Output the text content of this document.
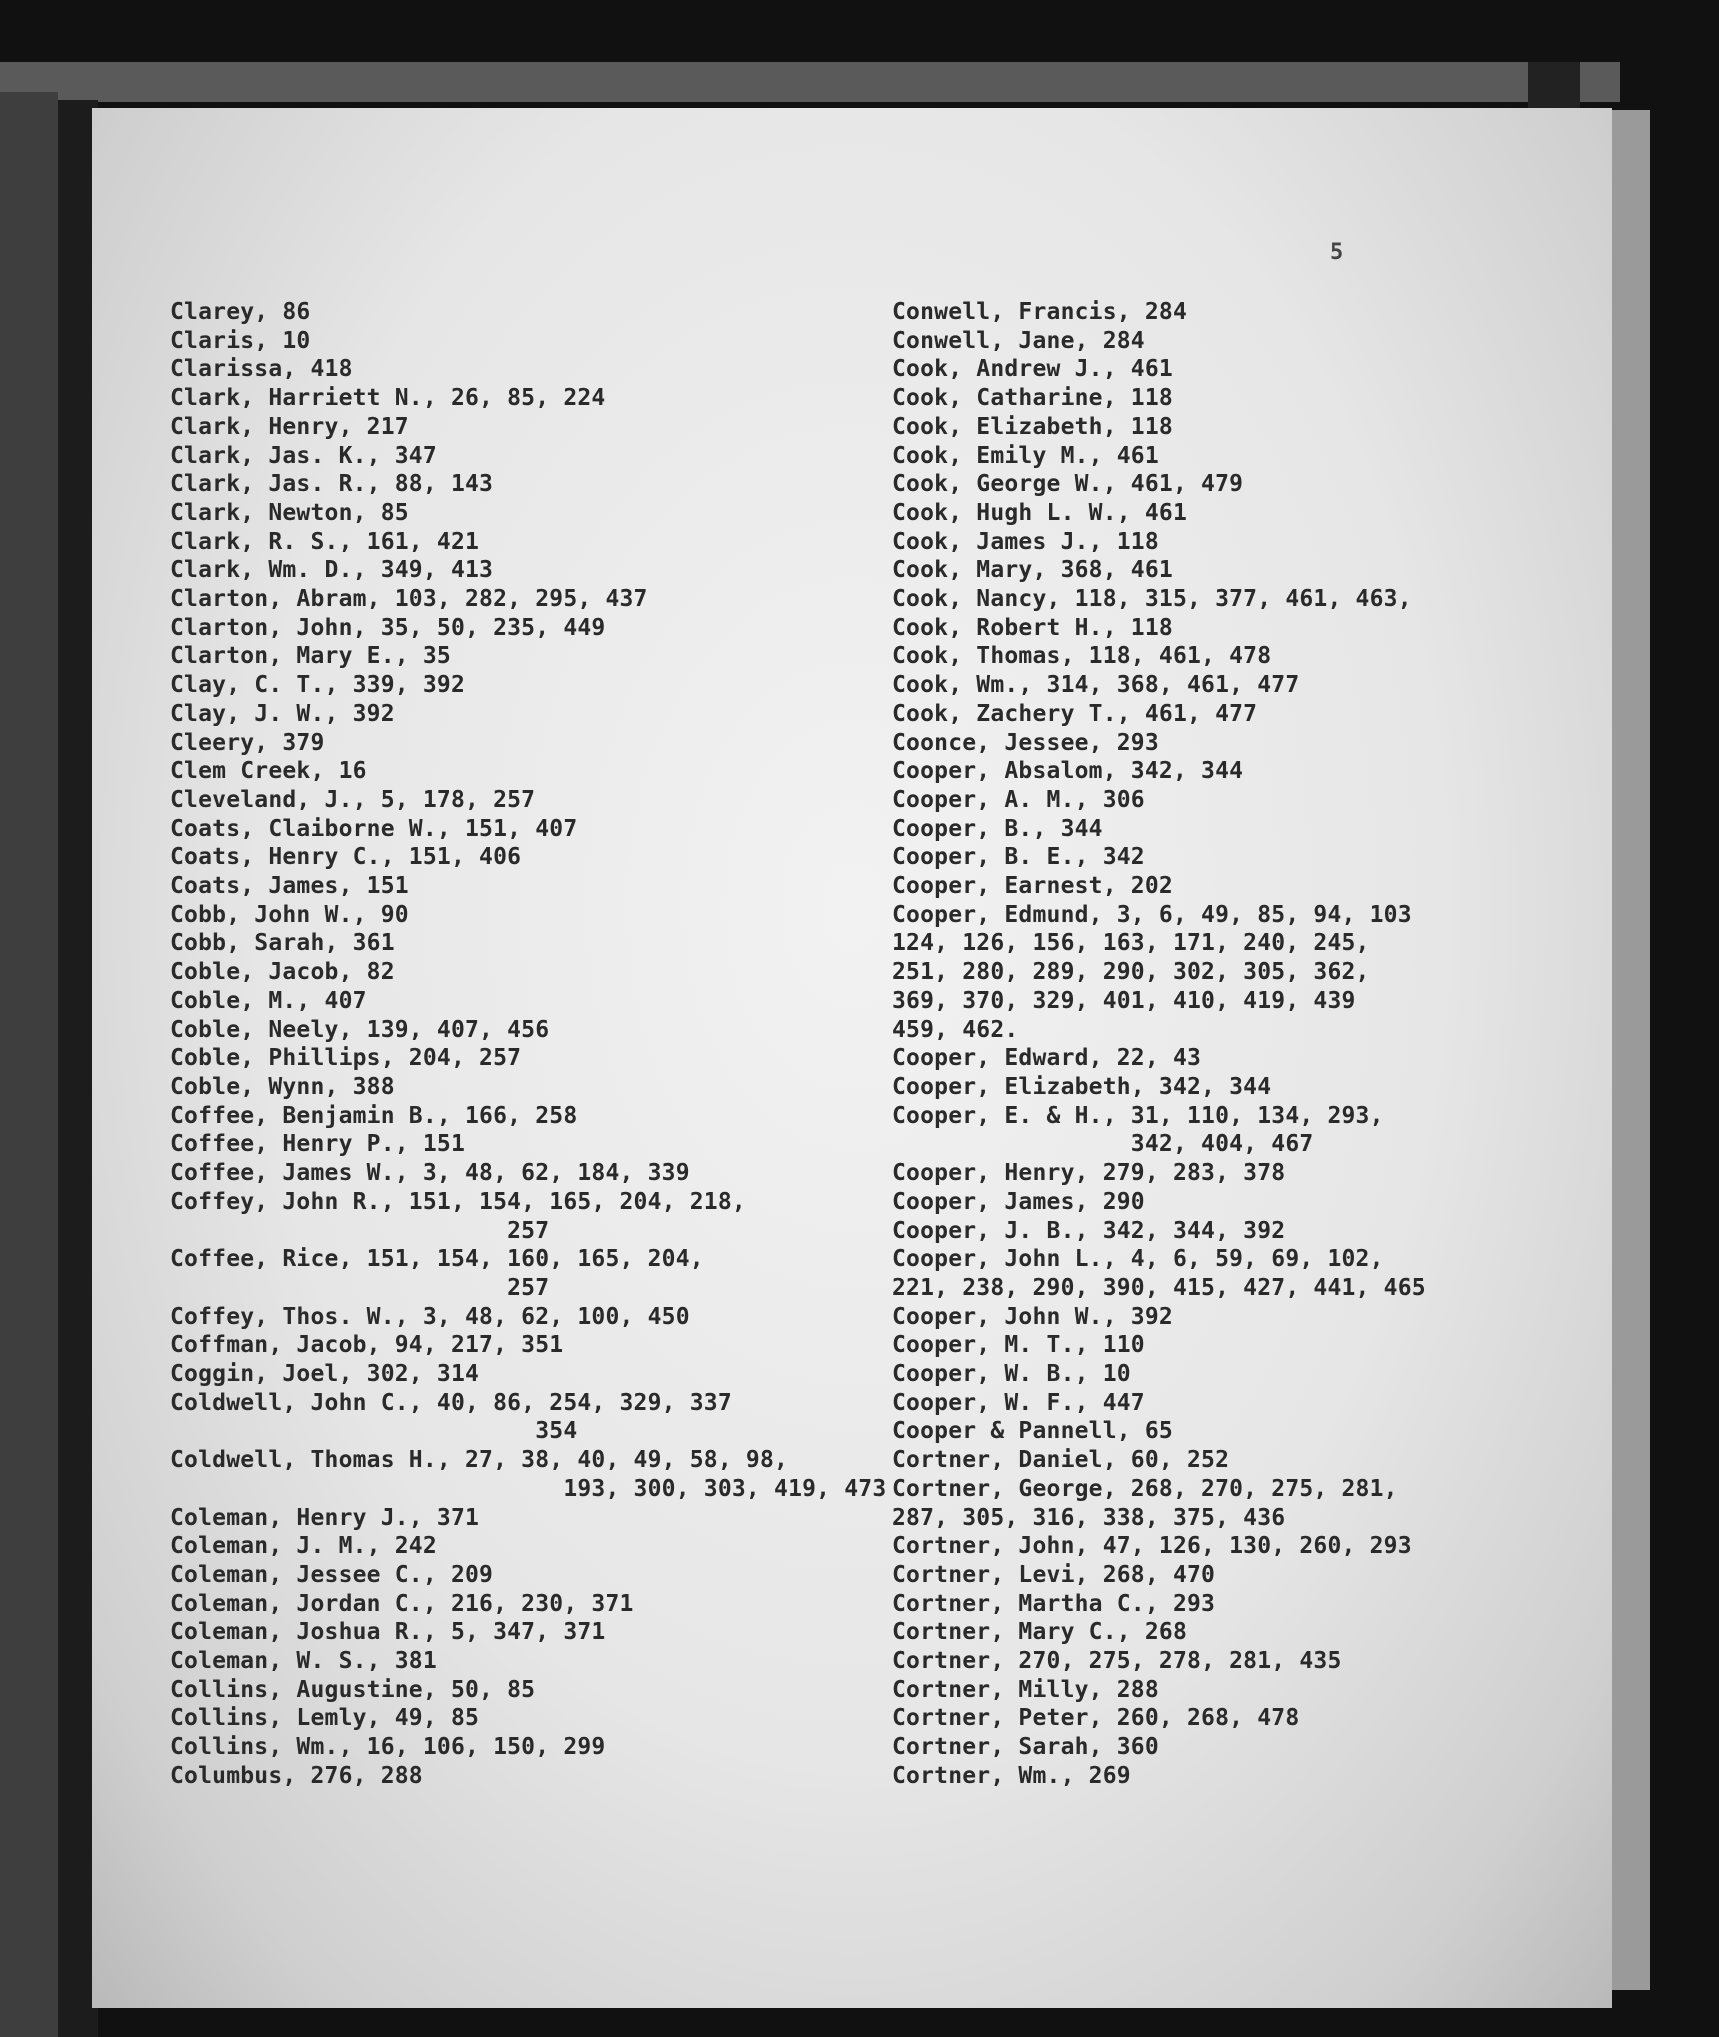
5
Clarey, 86
Claris, 10
Clarissa, 418
Clark, Harriett N., 26, 85, 224
Clark, Henry, 217
Clark, Jas. K., 347
Clark, Jas. R., 88, 143
Clark, Newton, 85
Clark, R. S., 161, 421
Clark, Wm. D., 349, 413
Clarton, Abram, 103, 282, 295, 437
Clarton, John, 35, 50, 235, 449
Clarton, Mary E., 35
Clay, C. T., 339, 392
Clay, J. W., 392
Cleery, 379
Clem Creek, 16
Cleveland, J., 5, 178, 257
Coats, Claiborne W., 151, 407
Coats, Henry C., 151, 406
Coats, James, 151
Cobb, John W., 90
Cobb, Sarah, 361
Coble, Jacob, 82
Coble, M., 407
Coble, Neely, 139, 407, 456
Coble, Phillips, 204, 257
Coble, Wynn, 388
Coffee, Benjamin B., 166, 258
Coffee, Henry P., 151
Coffee, James W., 3, 48, 62, 184, 339
Coffey, John R., 151, 154, 165, 204, 218,
257
Coffee, Rice, 151, 154, 160, 165, 204,
257
Coffey, Thos. W., 3, 48, 62, 100, 450
Coffman, Jacob, 94, 217, 351
Coggin, Joel, 302, 314
Coldwell, John C., 40, 86, 254, 329, 337
354
Coldwell, Thomas H., 27, 38, 40, 49, 58, 98,
193, 300, 303, 419, 473
Coleman, Henry J., 371
Coleman, J. M., 242
Coleman, Jessee C., 209
Coleman, Jordan C., 216, 230, 371
Coleman, Joshua R., 5, 347, 371
Coleman, W. S., 381
Collins, Augustine, 50, 85
Collins, Lemly, 49, 85
Collins, Wm., 16, 106, 150, 299
Columbus, 276, 288
Conwell, Francis, 284
Conwell, Jane, 284
Cook, Andrew J., 461
Cook, Catharine, 118
Cook, Elizabeth, 118
Cook, Emily M., 461
Cook, George W., 461, 479
Cook, Hugh L. W., 461
Cook, James J., 118
Cook, Mary, 368, 461
Cook, Nancy, 118, 315, 377, 461, 463,
Cook, Robert H., 118
Cook, Thomas, 118, 461, 478
Cook, Wm., 314, 368, 461, 477
Cook, Zachery T., 461, 477
Coonce, Jessee, 293
Cooper, Absalom, 342, 344
Cooper, A. M., 306
Cooper, B., 344
Cooper, B. E., 342
Cooper, Earnest, 202
Cooper, Edmund, 3, 6, 49, 85, 94, 103
124, 126, 156, 163, 171, 240, 245,
251, 280, 289, 290, 302, 305, 362,
369, 370, 329, 401, 410, 419, 439
459, 462.
Cooper, Edward, 22, 43
Cooper, Elizabeth, 342, 344
Cooper, E. & H., 31, 110, 134, 293,
342, 404, 467
Cooper, Henry, 279, 283, 378
Cooper, James, 290
Cooper, J. B., 342, 344, 392
Cooper, John L., 4, 6, 59, 69, 102,
221, 238, 290, 390, 415, 427, 441, 465
Cooper, John W., 392
Cooper, M. T., 110
Cooper, W. B., 10
Cooper, W. F., 447
Cooper & Pannell, 65
Cortner, Daniel, 60, 252
Cortner, George, 268, 270, 275, 281,
287, 305, 316, 338, 375, 436
Cortner, John, 47, 126, 130, 260, 293
Cortner, Levi, 268, 470
Cortner, Martha C., 293
Cortner, Mary C., 268
Cortner, 270, 275, 278, 281, 435
Cortner, Milly, 288
Cortner, Peter, 260, 268, 478
Cortner, Sarah, 360
Cortner, Wm., 269
